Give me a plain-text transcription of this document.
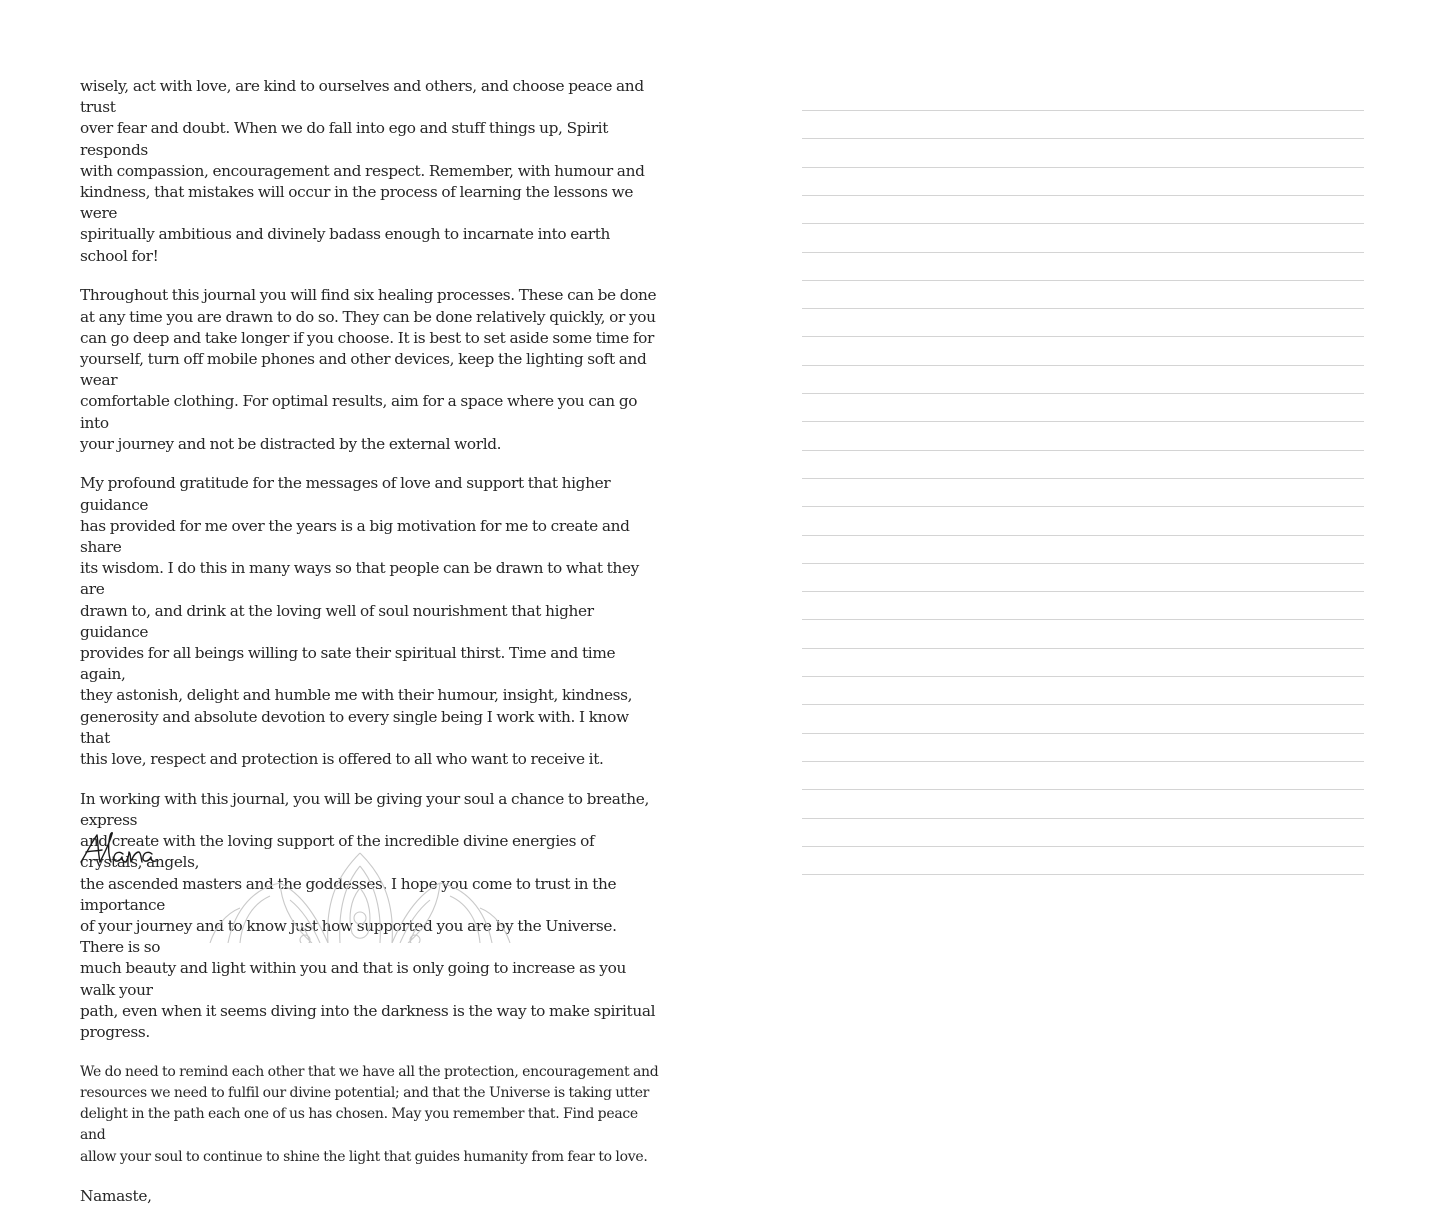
wisely, act with love, are kind to ourselves and others, and choose peace and trust
over fear and doubt. When we do fall into ego and stuff things up, Spirit responds
with compassion, encouragement and respect. Remember, with humour and
kindness, that mistakes will occur in the process of learning the lessons we were
spiritually ambitious and divinely badass enough to incarnate into earth school for!

Throughout this journal you will find six healing processes. These can be done
at any time you are drawn to do so. They can be done relatively quickly, or you
can go deep and take longer if you choose. It is best to set aside some time for
yourself, turn off mobile phones and other devices, keep the lighting soft and wear
comfortable clothing. For optimal results, aim for a space where you can go into
your journey and not be distracted by the external world.

My profound gratitude for the messages of love and support that higher guidance
has provided for me over the years is a big motivation for me to create and share
its wisdom. I do this in many ways so that people can be drawn to what they are
drawn to, and drink at the loving well of soul nourishment that higher guidance
provides for all beings willing to sate their spiritual thirst. Time and time again,
they astonish, delight and humble me with their humour, insight, kindness,
generosity and absolute devotion to every single being I work with. I know that
this love, respect and protection is offered to all who want to receive it.

In working with this journal, you will be giving your soul a chance to breathe, express
and create with the loving support of the incredible divine energies of crystals, angels,
the ascended masters and the goddesses. I hope you come to trust in the importance
of your journey and to know just how supported you are by the Universe. There is so
much beauty and light within you and that is only going to increase as you walk your
path, even when it seems diving into the darkness is the way to make spiritual progress.

We do need to remind each other that we have all the protection, encouragement and
resources we need to fulfil our divine potential; and that the Universe is taking utter
delight in the path each one of us has chosen. May you remember that. Find peace and
allow your soul to continue to shine the light that guides humanity from fear to love.

Namaste,
